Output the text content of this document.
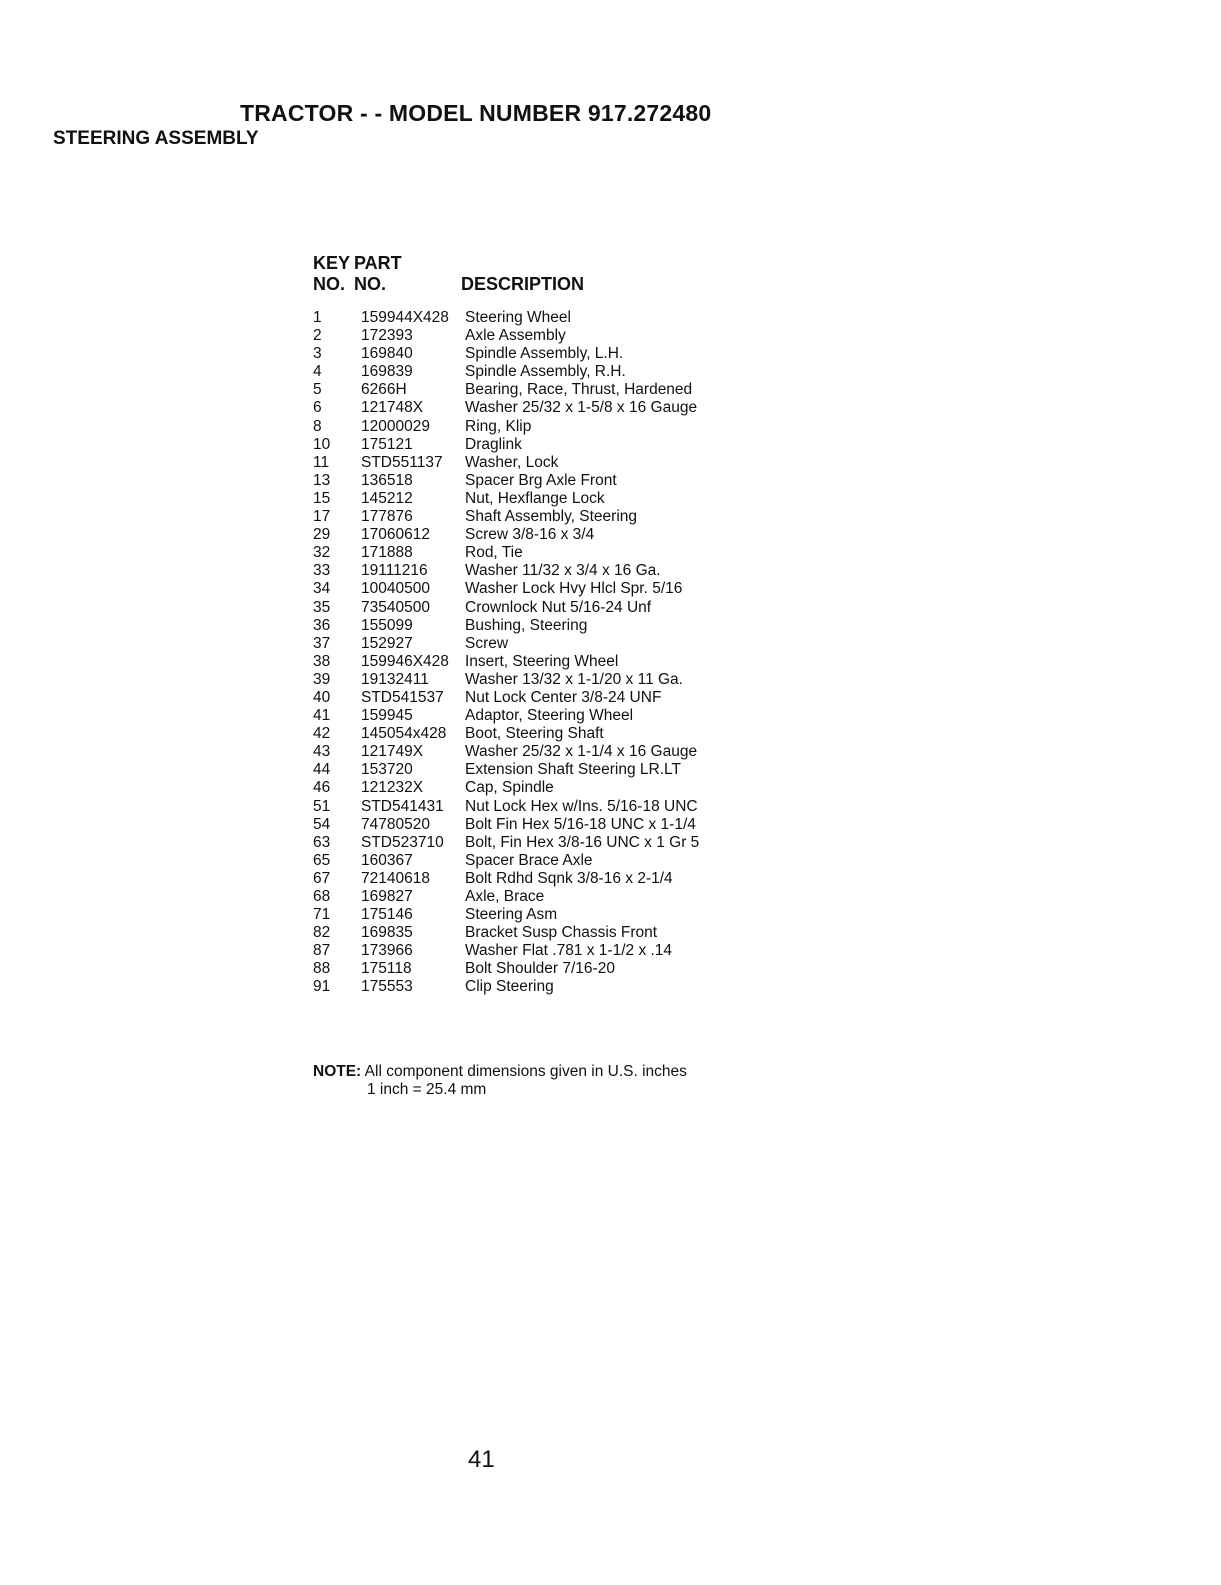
TRACTOR - - MODEL NUMBER 917.272480
STEERING ASSEMBLY
KEY PART
NO. NO.	DESCRIPTION
1	159944X428 Steering Wheel
2	172393	Axle Assembly
3	169840	Spindle Assembly, L.H.
4	169839	Spindle Assembly, R.H.
5	6266H	Bearing, Race, Thrust, Hardened
6	121748X	Washer 25/32 x 1-5/8 x 16 Gauge
8	12000029 Ring, Klip
10 175121	Draglink
11 STD551137 Washer, Lock
13 136518	Spacer Brg Axle Front
15 145212	Nut, Hexflange Lock
17 177876	Shaft Assembly, Steering
29 17060612 Screw 3/8-16 x 3/4
32 171888	Rod, Tie
33 19111216 Washer 11/32 x 3/4 x 16 Ga.
34 10040500 Washer Lock Hvy Hlcl Spr. 5/16
35 73540500 Crownlock Nut 5/16-24 Unf
36 155099	Bushing, Steering
37 152927	Screw
38 159946X428 Insert, Steering Wheel
39 19132411 Washer 13/32 x 1-1/20 x 11 Ga.
40 STD541537 Nut Lock Center 3/8-24 UNF
41 159945	Adaptor, Steering Wheel
42 145054x428 Boot, Steering Shaft
43 121749X	Washer 25/32 x 1-1/4 x 16 Gauge
44 153720	Extension Shaft Steering LR.LT
46 121232X	Cap, Spindle
51 STD541431 Nut Lock Hex w/Ins. 5/16-18 UNC
54 74780520 Bolt Fin Hex 5/16-18 UNC x 1-1/4
63 STD523710 Bolt, Fin Hex 3/8-16 UNC x 1 Gr 5
65 160367	Spacer Brace Axle
67 72140618 Bolt Rdhd Sqnk 3/8-16 x 2-1/4
68 169827	Axle, Brace
71 175146	Steering Asm
82 169835	Bracket Susp Chassis Front
87 173966	Washer Flat .781 x 1-1/2 x .14
88 175118	Bolt Shoulder 7/16-20
91 175553	Clip Steering
NOTE: All component dimensions given in U.S. inches
1 inch = 25.4 mm
41
